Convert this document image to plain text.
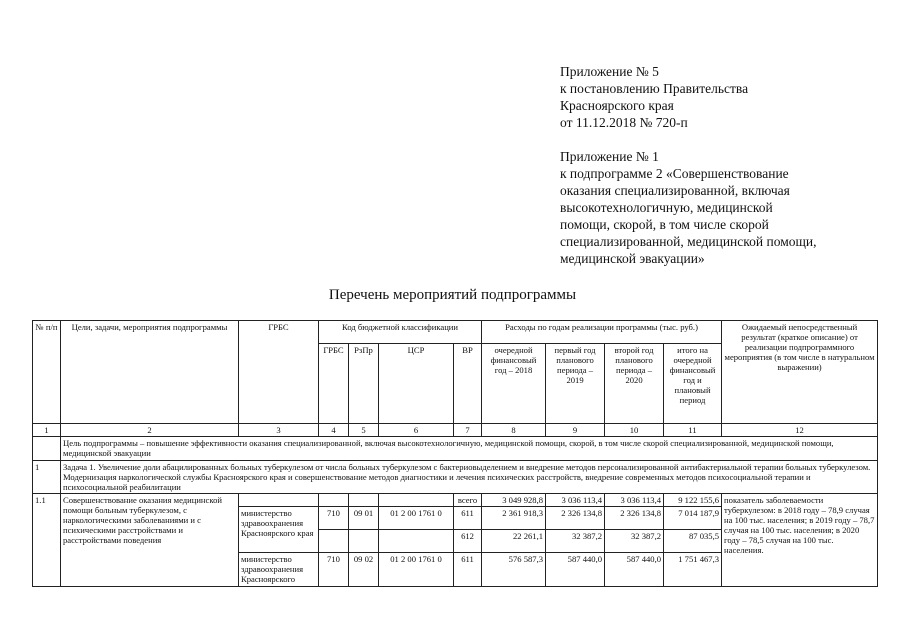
Приложение № 5
к постановлению Правительства
Красноярского края
от 11.12.2018 № 720-п
Приложение № 1
к подпрограмме 2 «Совершенствование
оказания специализированной, включая
высокотехнологичную, медицинской
помощи, скорой, в том числе скорой
специализированной, медицинской помощи,
медицинской эвакуации»
Перечень мероприятий подпрограммы
№ п/п	Цели, задачи, мероприятия подпрограммы	ГРБС	Код бюджетной классификации				Расходы по годам реализации программы (тыс. руб.)				Ожидаемый непосредственный результат (краткое описание) от реализации подпрограммного мероприятия (в том числе в натуральном выражении)
			ГРБС	РзПр	ЦСР	ВР	очередной финансовый год – 2018	первый год планового периода – 2019	второй год планового периода – 2020	итого на очередной финансовый год и плановый период	
1	2	3	4	5	6	7	8	9	10	11	12
	Цель подпрограммы – повышение эффективности оказания специализированной, включая высокотехнологичную, медицинской помощи, скорой, в том числе скорой специализированной, медицинской помощи, медицинской эвакуации										
1	Задача 1. Увеличение доли абацилированных больных туберкулезом от числа больных туберкулезом с бактериовыделением и внедрение методов персонализированной антибактериальной терапии больных туберкулезом. Модернизация наркологической службы Красноярского края и совершенствование методов диагностики и лечения психических расстройств, внедрение современных методов психосоциальной терапии и психосоциальной реабилитации										
1.1	Совершенствование оказания медицинской помощи больным туберкулезом, с наркологическими заболеваниями и с психическими расстройствами и расстройствами поведения					всего	3 049 928,8	3 036 113,4	3 036 113,4	9 122 155,6	показатель заболеваемости туберкулезом: в 2018 году – 78,9 случая на 100 тыс. населения; в 2019 году – 78,7 случая на 100 тыс. населения; в 2020 году – 78,5 случая на 100 тыс. населения.
		министерство здравоохранения Красноярского края	710	09 01	01 2 00 1761 0	611	2 361 918,3	2 326 134,8	2 326 134,8	7 014 187,9	
						612	22 261,1	32 387,2	32 387,2	87 035,5	
		министерство здравоохранения Красноярского	710	09 02	01 2 00 1761 0	611	576 587,3	587 440,0	587 440,0	1 751 467,3	
